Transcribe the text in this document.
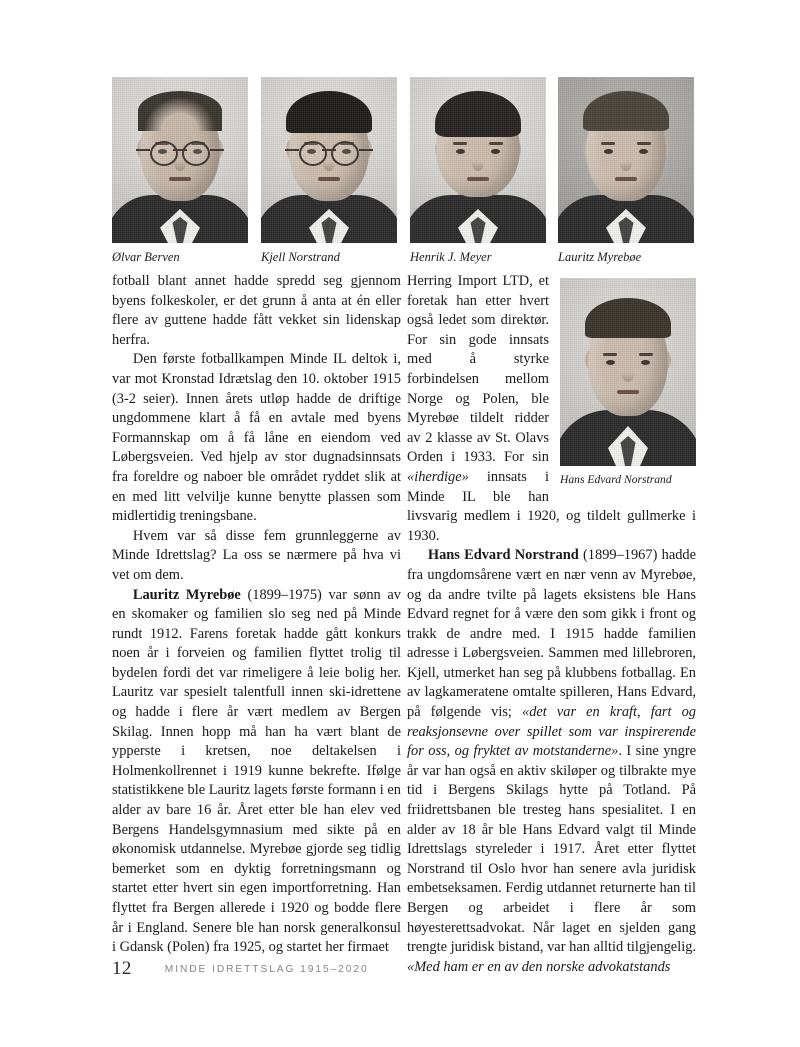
Ølvar Berven	Kjell Norstrand	Henrik J. Meyer	Lauritz Myrebøe

fotball blant annet hadde spredd seg gjennom byens folkeskoler, er det grunn å anta at én eller flere av guttene hadde fått vekket sin lidenskap herfra.

Den første fotballkampen Minde IL deltok i, var mot Kronstad Idrætslag den 10. oktober 1915 (3-2 seier). Innen årets utløp hadde de driftige ungdommene klart å få en avtale med byens Formannskap om å få låne en eiendom ved Løbergsveien. Ved hjelp av stor dugnadsinnsats fra foreldre og naboer ble området ryddet slik at en med litt velvilje kunne benytte plassen som midlertidig treningsbane.

Hvem var så disse fem grunnleggerne av Minde Idrettslag? La oss se nærmere på hva vi vet om dem.

Lauritz Myrebøe (1899–1975) var sønn av en skomaker og familien slo seg ned på Minde rundt 1912. Farens foretak hadde gått konkurs noen år i forveien og familien flyttet trolig til bydelen fordi det var rimeligere å leie bolig her. Lauritz var spesielt talentfull innen ski-idrettene og hadde i flere år vært medlem av Bergen Skilag. Innen hopp må han ha vært blant de ypperste i kretsen, noe deltakelsen i Holmenkollrennet i 1919 kunne bekrefte. Ifølge statistikkene ble Lauritz lagets første formann i en alder av bare 16 år. Året etter ble han elev ved Bergens Handelsgymnasium med sikte på en økonomisk utdannelse. Myrebøe gjorde seg tidlig bemerket som en dyktig forretningsmann og startet etter hvert sin egen importforretning. Han flyttet fra Bergen allerede i 1920 og bodde flere år i England. Senere ble han norsk generalkonsul i Gdansk (Polen) fra 1925, og startet her firmaet

Hans Edvard Norstrand

Herring Import LTD, et foretak han etter hvert også ledet som direktør. For sin gode innsats med å styrke forbindelsen mellom Norge og Polen, ble Myrebøe tildelt ridder av 2 klasse av St. Olavs Orden i 1933. For sin «iherdige» innsats i Minde IL ble han livsvarig medlem i 1920, og tildelt gullmerke i 1930.

Hans Edvard Norstrand (1899–1967) hadde fra ungdomsårene vært en nær venn av Myrebøe, og da andre tvilte på lagets eksistens ble Hans Edvard regnet for å være den som gikk i front og trakk de andre med. I 1915 hadde familien adresse i Løbergsveien. Sammen med lillebroren, Kjell, utmerket han seg på klubbens fotballag. En av lagkameratene omtalte spilleren, Hans Edvard, på følgende vis; «det var en kraft, fart og reaksjonsevne over spillet som var inspirerende for oss, og fryktet av motstanderne». I sine yngre år var han også en aktiv skiløper og tilbrakte mye tid i Bergens Skilags hytte på Totland. På friidrettsbanen ble tresteg hans spesialitet. I en alder av 18 år ble Hans Edvard valgt til Minde Idrettslags styreleder i 1917. Året etter flyttet Norstrand til Oslo hvor han senere avla juridisk embetseksamen. Ferdig utdannet returnerte han til Bergen og arbeidet i flere år som høyesterettsadvokat. Når laget en sjelden gang trengte juridisk bistand, var han alltid tilgjengelig. «Med ham er en av den norske advokatstands

12	MINDE IDRETTSLAG 1915–2020
